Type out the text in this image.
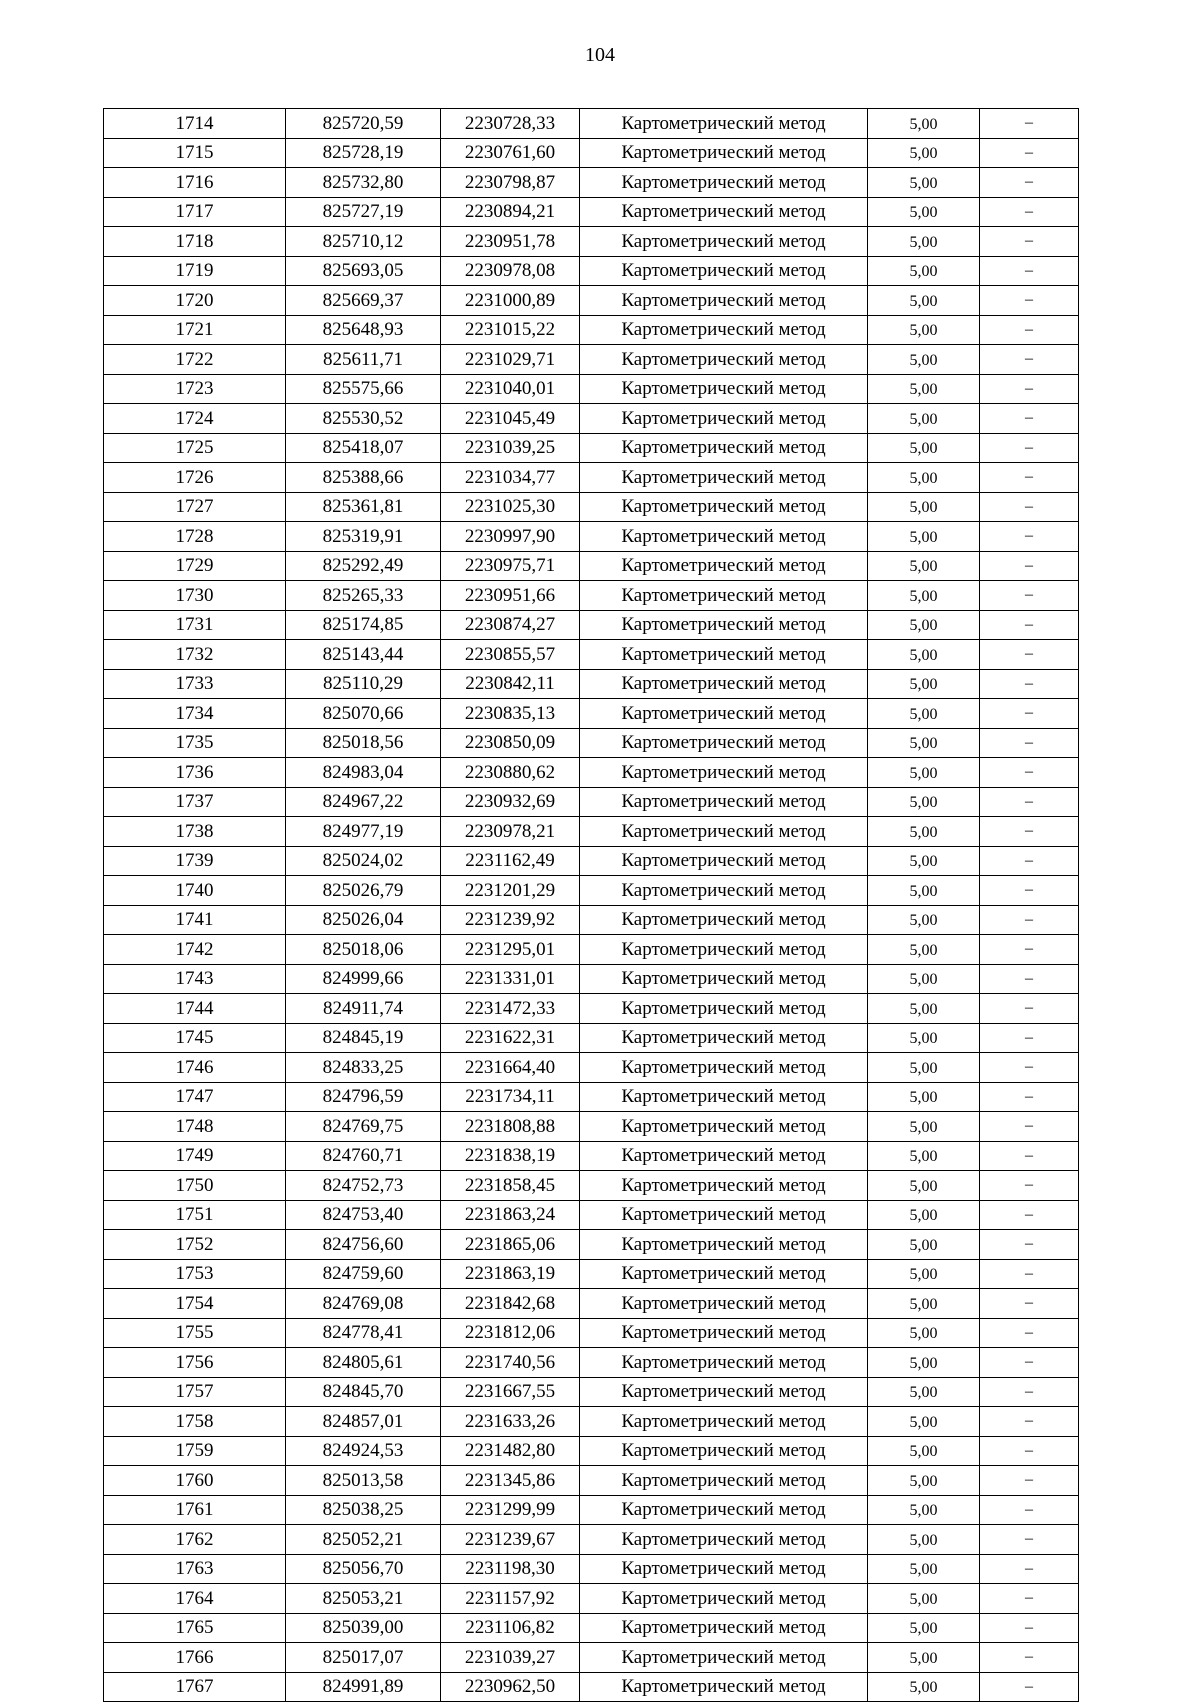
104
1714	825720,59	2230728,33	Картометрический метод	5,00	–
1715	825728,19	2230761,60	Картометрический метод	5,00	–
1716	825732,80	2230798,87	Картометрический метод	5,00	–
1717	825727,19	2230894,21	Картометрический метод	5,00	–
1718	825710,12	2230951,78	Картометрический метод	5,00	–
1719	825693,05	2230978,08	Картометрический метод	5,00	–
1720	825669,37	2231000,89	Картометрический метод	5,00	–
1721	825648,93	2231015,22	Картометрический метод	5,00	–
1722	825611,71	2231029,71	Картометрический метод	5,00	–
1723	825575,66	2231040,01	Картометрический метод	5,00	–
1724	825530,52	2231045,49	Картометрический метод	5,00	–
1725	825418,07	2231039,25	Картометрический метод	5,00	–
1726	825388,66	2231034,77	Картометрический метод	5,00	–
1727	825361,81	2231025,30	Картометрический метод	5,00	–
1728	825319,91	2230997,90	Картометрический метод	5,00	–
1729	825292,49	2230975,71	Картометрический метод	5,00	–
1730	825265,33	2230951,66	Картометрический метод	5,00	–
1731	825174,85	2230874,27	Картометрический метод	5,00	–
1732	825143,44	2230855,57	Картометрический метод	5,00	–
1733	825110,29	2230842,11	Картометрический метод	5,00	–
1734	825070,66	2230835,13	Картометрический метод	5,00	–
1735	825018,56	2230850,09	Картометрический метод	5,00	–
1736	824983,04	2230880,62	Картометрический метод	5,00	–
1737	824967,22	2230932,69	Картометрический метод	5,00	–
1738	824977,19	2230978,21	Картометрический метод	5,00	–
1739	825024,02	2231162,49	Картометрический метод	5,00	–
1740	825026,79	2231201,29	Картометрический метод	5,00	–
1741	825026,04	2231239,92	Картометрический метод	5,00	–
1742	825018,06	2231295,01	Картометрический метод	5,00	–
1743	824999,66	2231331,01	Картометрический метод	5,00	–
1744	824911,74	2231472,33	Картометрический метод	5,00	–
1745	824845,19	2231622,31	Картометрический метод	5,00	–
1746	824833,25	2231664,40	Картометрический метод	5,00	–
1747	824796,59	2231734,11	Картометрический метод	5,00	–
1748	824769,75	2231808,88	Картометрический метод	5,00	–
1749	824760,71	2231838,19	Картометрический метод	5,00	–
1750	824752,73	2231858,45	Картометрический метод	5,00	–
1751	824753,40	2231863,24	Картометрический метод	5,00	–
1752	824756,60	2231865,06	Картометрический метод	5,00	–
1753	824759,60	2231863,19	Картометрический метод	5,00	–
1754	824769,08	2231842,68	Картометрический метод	5,00	–
1755	824778,41	2231812,06	Картометрический метод	5,00	–
1756	824805,61	2231740,56	Картометрический метод	5,00	–
1757	824845,70	2231667,55	Картометрический метод	5,00	–
1758	824857,01	2231633,26	Картометрический метод	5,00	–
1759	824924,53	2231482,80	Картометрический метод	5,00	–
1760	825013,58	2231345,86	Картометрический метод	5,00	–
1761	825038,25	2231299,99	Картометрический метод	5,00	–
1762	825052,21	2231239,67	Картометрический метод	5,00	–
1763	825056,70	2231198,30	Картометрический метод	5,00	–
1764	825053,21	2231157,92	Картометрический метод	5,00	–
1765	825039,00	2231106,82	Картометрический метод	5,00	–
1766	825017,07	2231039,27	Картометрический метод	5,00	–
1767	824991,89	2230962,50	Картометрический метод	5,00	–
